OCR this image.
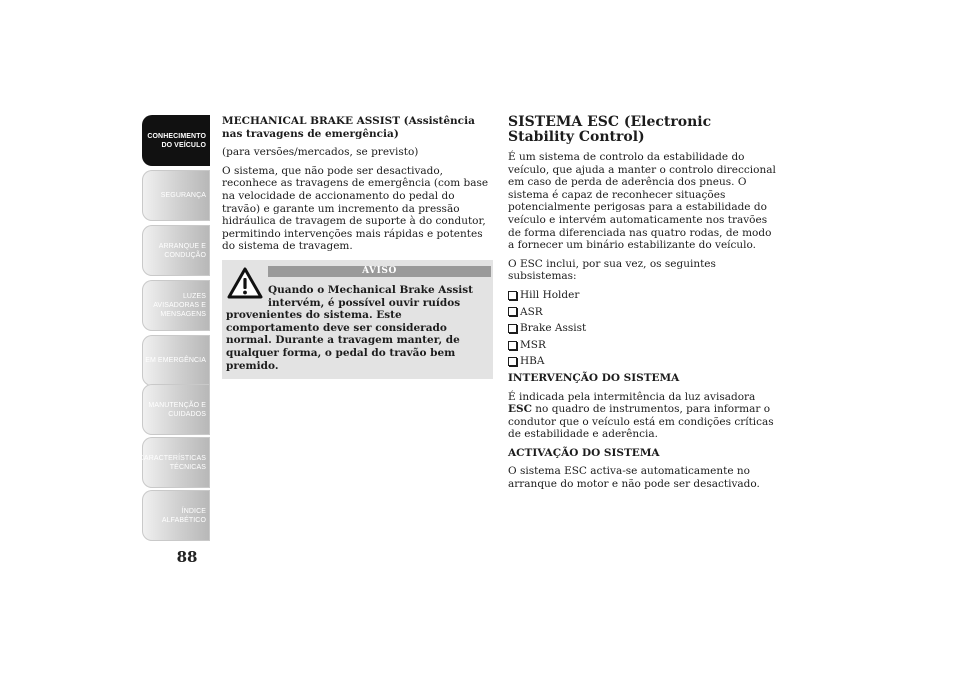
CONHECIMENTO
DO VEÍCULO
SEGURANÇA
ARRANQUE E
CONDUÇÃO
LUZES
AVISADORAS E
MENSAGENS
EM EMERGÊNCIA
MANUTENÇÃO E
CUIDADOS
CARACTERÍSTICAS
TÉCNICAS
ÍNDICE
ALFABÉTICO
88

MECHANICAL BRAKE ASSIST (Assistência nas travagens de emergência)

(para versões/mercados, se previsto)

O sistema, que não pode ser desactivado, reconhece as travagens de emergência (com base na velocidade de accionamento do pedal do travão) e garante um incremento da pressão hidráulica de travagem de suporte à do condutor, permitindo intervenções mais rápidas e potentes do sistema de travagem.

AVISO
Quando o Mechanical Brake Assist intervém, é possível ouvir ruídos
provenientes do sistema. Este comportamento deve ser considerado normal. Durante a travagem manter, de qualquer forma, o pedal do travão bem premido.
SISTEMA ESC (Electronic Stability Control)

É um sistema de controlo da estabilidade do veículo, que ajuda a manter o controlo direccional em caso de perda de aderência dos pneus. O sistema é capaz de reconhecer situações potencialmente perigosas para a estabilidade do veículo e intervém automaticamente nos travões de forma diferenciada nas quatro rodas, de modo a fornecer um binário estabilizante do veículo.

O ESC inclui, por sua vez, os seguintes subsistemas:

Hill Holder
ASR
Brake Assist
MSR
HBA

INTERVENÇÃO DO SISTEMA

É indicada pela intermitência da luz avisadora ESC no quadro de instrumentos, para informar o condutor que o veículo está em condições críticas de estabilidade e aderência.

ACTIVAÇÃO DO SISTEMA

O sistema ESC activa-se automaticamente no arranque do motor e não pode ser desactivado.
